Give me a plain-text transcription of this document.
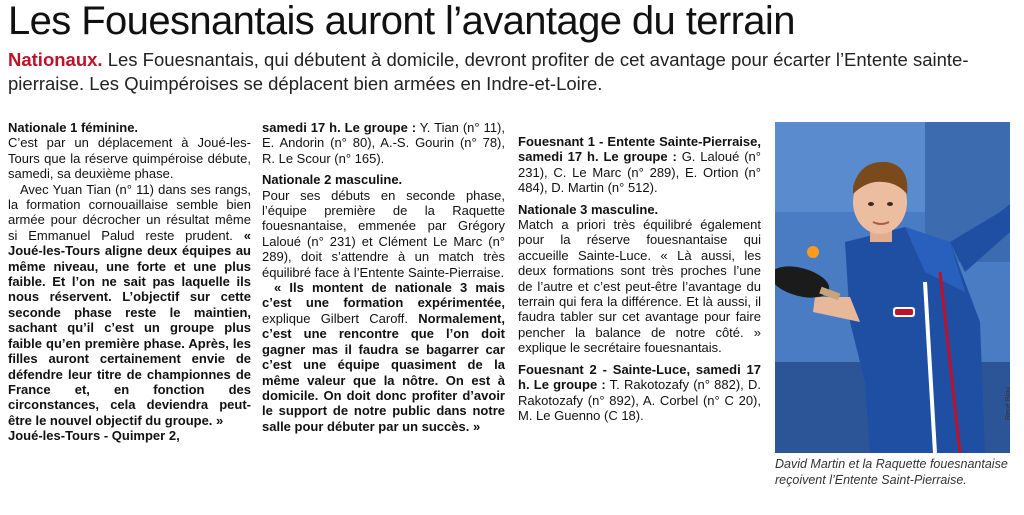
Les Fouesnantais auront l’avantage du terrain

Nationaux. Les Fouesnantais, qui débutent à domicile, devront profiter de cet avantage pour écarter l’Entente sainte-pierraise. Les Quimpéroises se déplacent bien armées en Indre-et-Loire.

Nationale 1 féminine.

C’est par un déplacement à Joué-les-Tours que la réserve quimpéroise débute, samedi, sa deuxième phase.

Avec Yuan Tian (n° 11) dans ses rangs, la formation cornouaillaise semble bien armée pour décrocher un résultat même si Emmanuel Palud reste prudent. « Joué-les-Tours aligne deux équipes au même niveau, une forte et une plus faible. Et l’on ne sait pas laquelle ils nous réservent. L’objectif sur cette seconde phase reste le maintien, sachant qu’il c’est un groupe plus faible qu’en première phase. Après, les filles auront certainement envie de défendre leur titre de championnes de France et, en fonction des circonstances, cela deviendra peut-être le nouvel objectif du groupe. »

Joué-les-Tours - Quimper 2,

samedi 17 h. Le groupe : Y. Tian (n° 11), E. Andorin (n° 80), A.-S. Gourin (n° 78), R. Le Scour (n° 165).

Nationale 2 masculine.

Pour ses débuts en seconde phase, l’équipe première de la Raquette fouesnantaise, emmenée par Grégory Laloué (n° 231) et Clément Le Marc (n° 289), doit s’attendre à un match très équilibré face à l’Entente Sainte-Pierraise.

« Ils montent de nationale 3 mais c’est une formation expérimentée, explique Gilbert Caroff. Normalement, c’est une rencontre que l’on doit gagner mas il faudra se bagarrer car c’est une équipe quasiment de la même valeur que la nôtre. On est à domicile. On doit donc profiter d’avoir le support de notre public dans notre salle pour débuter par un succès. »

Fouesnant 1 - Entente Sainte-Pierraise, samedi 17 h. Le groupe : G. Laloué (n° 231), C. Le Marc (n° 289), E. Ortion (n° 484), D. Martin (n° 512).

Nationale 3 masculine.

Match a priori très équilibré également pour la réserve fouesnantaise qui accueille Sainte-Luce. « Là aussi, les deux formations sont très proches l’une de l’autre et c’est peut-être l’avantage du terrain qui fera la différence. Et là aussi, il faudra tabler sur cet avantage pour faire pencher la balance de notre côté. » explique le secrétaire fouesnantais.

Fouesnant 2 - Sainte-Luce, samedi 17 h. Le groupe : T. Rakotozafy (n° 882), D. Rakotozafy (n° 892), A. Corbel (n° C 20), M. Le Guenno (C 18).	René Riou

David Martin et la Raquette fouesnantaise reçoivent l’Entente Saint-Pierraise.
